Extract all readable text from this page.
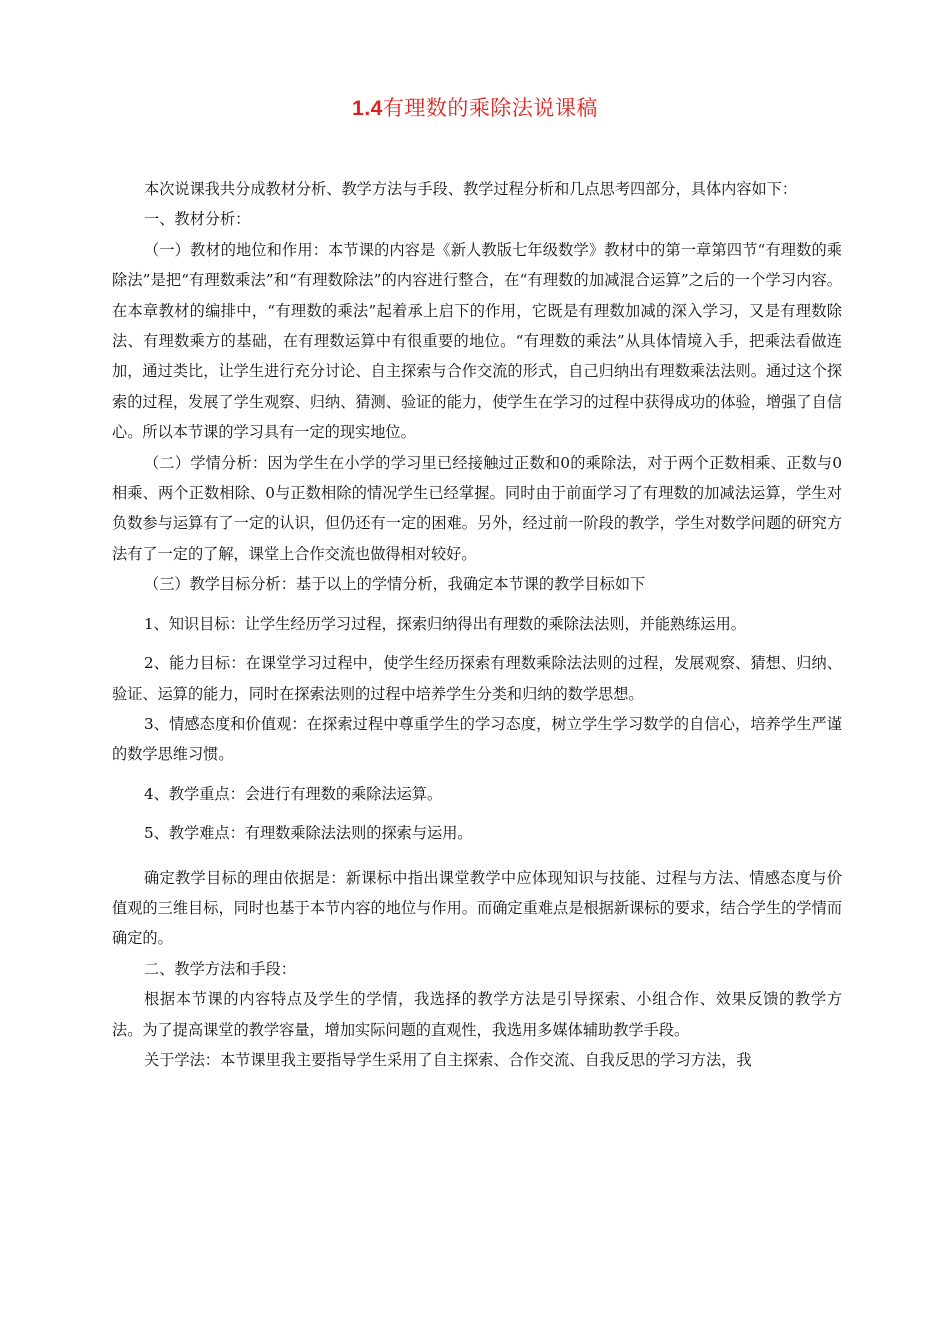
1.4有理数的乘除法说课稿

本次说课我共分成教材分析、教学方法与手段、教学过程分析和几点思考四部分，具体内容如下：

一、教材分析：

（一）教材的地位和作用：本节课的内容是《新人教版七年级数学》教材中的第一章第四节“有理数的乘除法”是把“有理数乘法”和“有理数除法”的内容进行整合，在“有理数的加减混合运算”之后的一个学习内容。在本章教材的编排中，“有理数的乘法”起着承上启下的作用，它既是有理数加减的深入学习，又是有理数除法、有理数乘方的基础，在有理数运算中有很重要的地位。“有理数的乘法”从具体情境入手，把乘法看做连加，通过类比，让学生进行充分讨论、自主探索与合作交流的形式，自己归纳出有理数乘法法则。通过这个探索的过程，发展了学生观察、归纳、猜测、验证的能力，使学生在学习的过程中获得成功的体验，增强了自信心。所以本节课的学习具有一定的现实地位。

（二）学情分析：因为学生在小学的学习里已经接触过正数和0的乘除法，对于两个正数相乘、正数与0相乘、两个正数相除、0与正数相除的情况学生已经掌握。同时由于前面学习了有理数的加减法运算，学生对负数参与运算有了一定的认识，但仍还有一定的困难。另外，经过前一阶段的教学，学生对数学问题的研究方法有了一定的了解，课堂上合作交流也做得相对较好。

（三）教学目标分析：基于以上的学情分析，我确定本节课的教学目标如下

1、知识目标：让学生经历学习过程，探索归纳得出有理数的乘除法法则，并能熟练运用。

2、能力目标：在课堂学习过程中，使学生经历探索有理数乘除法法则的过程，发展观察、猜想、归纳、验证、运算的能力，同时在探索法则的过程中培养学生分类和归纳的数学思想。

3、情感态度和价值观：在探索过程中尊重学生的学习态度，树立学生学习数学的自信心，培养学生严谨的数学思维习惯。

4、教学重点：会进行有理数的乘除法运算。

5、教学难点：有理数乘除法法则的探索与运用。

确定教学目标的理由依据是：新课标中指出课堂教学中应体现知识与技能、过程与方法、情感态度与价值观的三维目标，同时也基于本节内容的地位与作用。而确定重难点是根据新课标的要求，结合学生的学情而确定的。

二、教学方法和手段：

根据本节课的内容特点及学生的学情，我选择的教学方法是引导探索、小组合作、效果反馈的教学方法。为了提高课堂的教学容量，增加实际问题的直观性，我选用多媒体辅助教学手段。

关于学法：本节课里我主要指导学生采用了自主探索、合作交流、自我反思的学习方法，我
